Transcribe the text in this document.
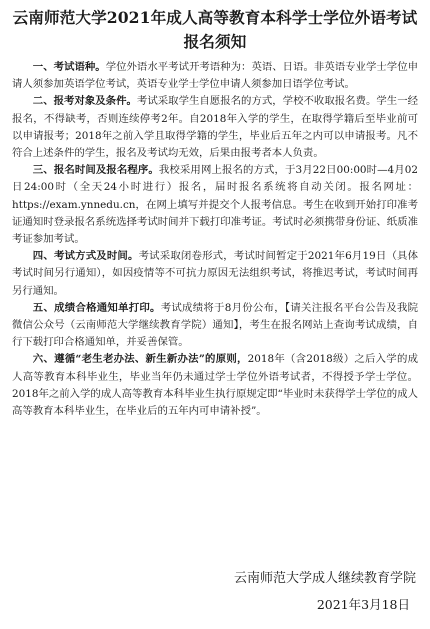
云南师范大学2021年成人高等教育本科学士学位外语考试
报名须知

一、考试语种。学位外语水平考试开考语种为：英语、日语。非英语专业学士学位申请人须参加英语学位考试，英语专业学士学位申请人须参加日语学位考试。

二、报考对象及条件。考试采取学生自愿报名的方式，学校不收取报名费。学生一经报名，不得缺考，否则连续停考2年。自2018年入学的学生，在取得学籍后至毕业前可以申请报考；2018年之前入学且取得学籍的学生，毕业后五年之内可以申请报考。凡不符合上述条件的学生，报名及考试均无效，后果由报考者本人负责。

三、报名时间及报名程序。我校采用网上报名的方式，于3月22日00:00时—4月02日24:00时（全天24小时进行）报名，届时报名系统将自动关闭。报名网址：https://exam.ynnedu.cn，在网上填写并提交个人报考信息。考生在收到开始打印准考证通知时登录报名系统选择考试时间并下载打印准考证。考试时必须携带身份证、纸质准考证参加考试。

四、考试方式及时间。考试采取闭卷形式，考试时间暂定于2021年6月19日（具体考试时间另行通知），如因疫情等不可抗力原因无法组织考试，将推迟考试，考试时间再另行通知。

五、成绩合格通知单打印。考试成绩将于8月份公布，【请关注报名平台公告及我院微信公众号（云南师范大学继续教育学院）通知】，考生在报名网站上查询考试成绩，自行下载打印合格通知单，并妥善保管。

六、遵循“老生老办法、新生新办法”的原则，2018年（含2018级）之后入学的成人高等教育本科毕业生，毕业当年仍未通过学士学位外语考试者，不得授予学士学位。2018年之前入学的成人高等教育本科毕业生执行原规定即“毕业时未获得学士学位的成人高等教育本科毕业生，在毕业后的五年内可申请补授”。

云南师范大学成人继续教育学院
2021年3月18日
